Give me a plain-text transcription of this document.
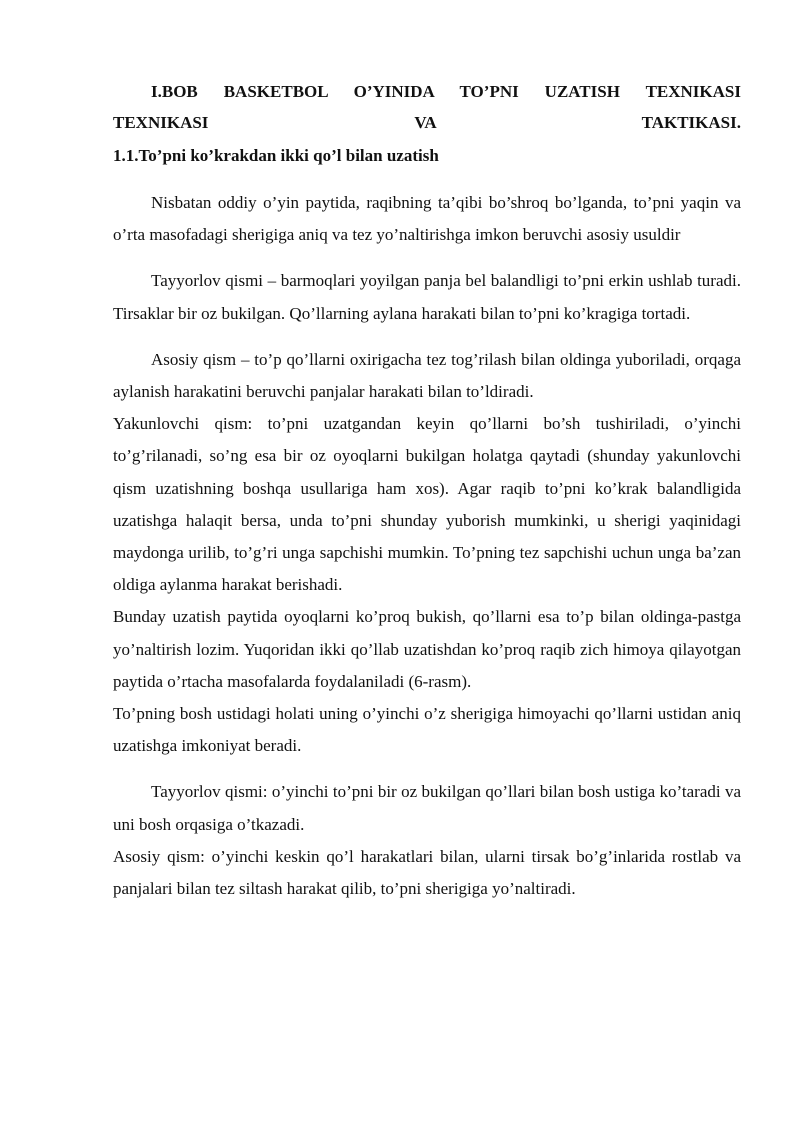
I.BOB BASKETBOL O’YINIDA TO’PNI UZATISH TEXNIKASI
TEXNIKASI VA TAKTIKASI.
1.1.To’pni ko’krakdan ikki qo’l bilan uzatish

Nisbatan oddiy o’yin paytida, raqibning ta’qibi bo’shroq bo’lganda, to’pni yaqin va o’rta masofadagi sherigiga aniq va tez yo’naltirishga imkon beruvchi asosiy usuldir

Tayyorlov qismi – barmoqlari yoyilgan panja bel balandligi to’pni erkin ushlab turadi. Tirsaklar bir oz bukilgan. Qo’llarning aylana harakati bilan to’pni ko’kragiga tortadi.

Asosiy qism – to’p qo’llarni oxirigacha tez tog’rilash bilan oldinga yuboriladi, orqaga aylanish harakatini beruvchi panjalar harakati bilan to’ldiradi.

Yakunlovchi qism: to’pni uzatgandan keyin qo’llarni bo’sh tushiriladi, o’yinchi to’g’rilanadi, so’ng esa bir oz oyoqlarni bukilgan holatga qaytadi (shunday yakunlovchi qism uzatishning boshqa usullariga ham xos). Agar raqib to’pni ko’krak balandligida uzatishga halaqit bersa, unda to’pni shunday yuborish mumkinki, u sherigi yaqinidagi maydonga urilib, to’g’ri unga sapchishi mumkin. To’pning tez sapchishi uchun unga ba’zan oldiga aylanma harakat berishadi.

Bunday uzatish paytida oyoqlarni ko’proq bukish, qo’llarni esa to’p bilan oldinga-pastga yo’naltirish lozim. Yuqoridan ikki qo’llab uzatishdan ko’proq raqib zich himoya qilayotgan paytida o’rtacha masofalarda foydalaniladi (6-rasm).

To’pning bosh ustidagi holati uning o’yinchi o’z sherigiga himoyachi qo’llarni ustidan aniq uzatishga imkoniyat beradi.

Tayyorlov qismi: o’yinchi to’pni bir oz bukilgan qo’llari bilan bosh ustiga ko’taradi va uni bosh orqasiga o’tkazadi.

Asosiy qism: o’yinchi keskin qo’l harakatlari bilan, ularni tirsak bo’g’inlarida rostlab va panjalari bilan tez siltash harakat qilib, to’pni sherigiga yo’naltiradi.
